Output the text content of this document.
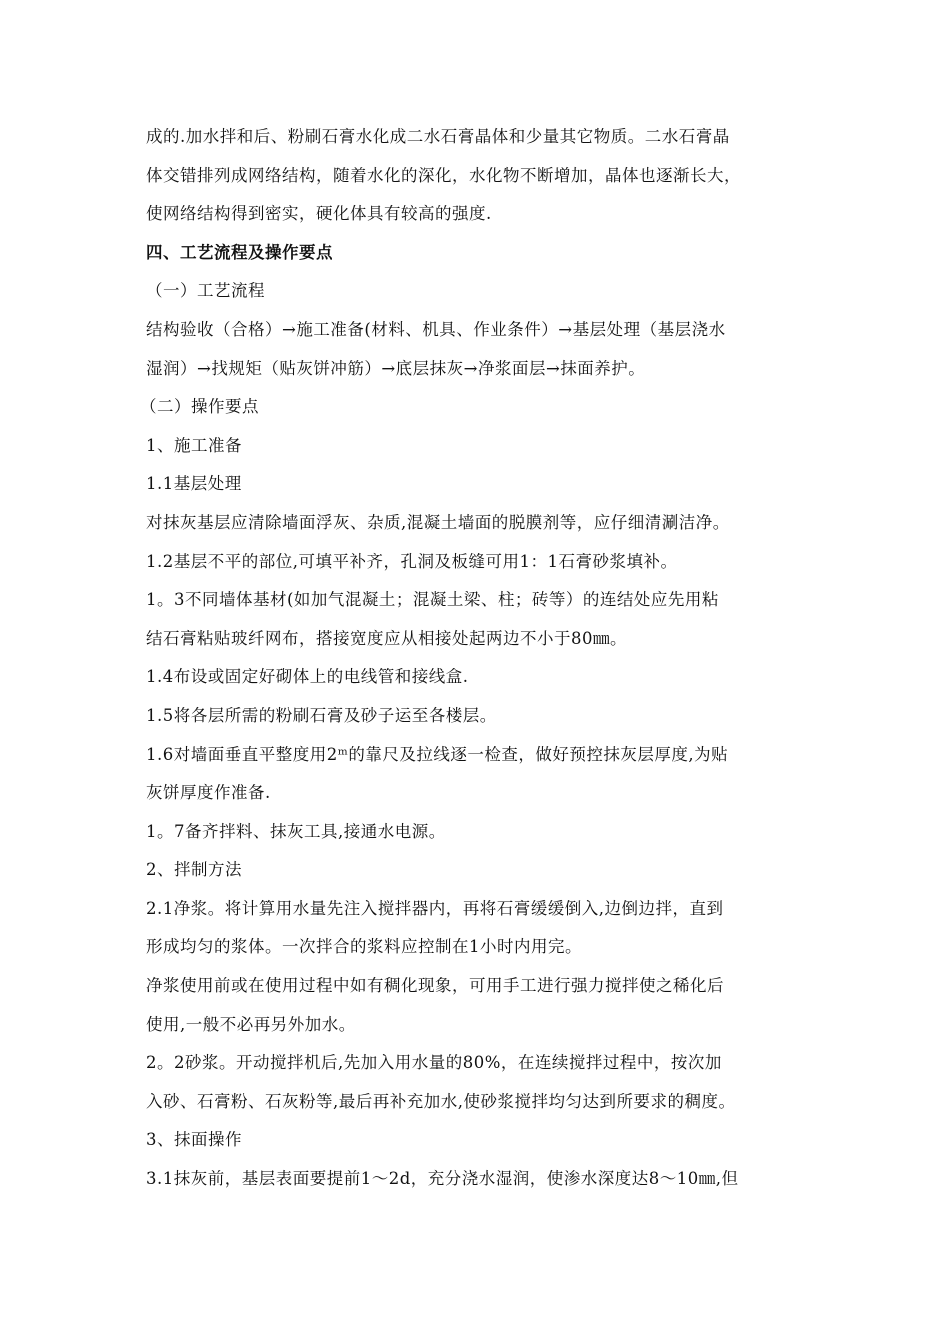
成的.加水拌和后、粉刷石膏水化成二水石膏晶体和少量其它物质。二水石膏晶
体交错排列成网络结构，随着水化的深化，水化物不断增加，晶体也逐渐长大，
使网络结构得到密实，硬化体具有较高的强度.
四、工艺流程及操作要点
（一）工艺流程
结构验收（合格）→施工准备(材料、机具、作业条件）→基层处理（基层浇水
湿润）→找规矩（贴灰饼冲筋）→底层抹灰→净浆面层→抹面养护。
（二）操作要点
1、施工准备
1.1基层处理
对抹灰基层应清除墙面浮灰、杂质,混凝土墙面的脱膜剂等，应仔细清涮洁净。
1.2基层不平的部位,可填平补齐，孔洞及板缝可用1：1石膏砂浆填补。
1。3不同墙体基材(如加气混凝土；混凝土梁、柱；砖等）的连结处应先用粘
结石膏粘贴玻纤网布，搭接宽度应从相接处起两边不小于80㎜。
1.4布设或固定好砌体上的电线管和接线盒.
1.5将各层所需的粉刷石膏及砂子运至各楼层。
1.6对墙面垂直平整度用2ᵐ的靠尺及拉线逐一检查，做好预控抹灰层厚度,为贴
灰饼厚度作准备.
1。7备齐拌料、抹灰工具,接通水电源。
2、拌制方法
2.1净浆。将计算用水量先注入搅拌器内，再将石膏缓缓倒入,边倒边拌，直到
形成均匀的浆体。一次拌合的浆料应控制在1小时内用完。
净浆使用前或在使用过程中如有稠化现象，可用手工进行强力搅拌使之稀化后
使用,一般不必再另外加水。
2。2砂浆。开动搅拌机后,先加入用水量的80%，在连续搅拌过程中，按次加
入砂、石膏粉、石灰粉等,最后再补充加水,使砂浆搅拌均匀达到所要求的稠度。
3、抹面操作
3.1抹灰前，基层表面要提前1～2d，充分浇水湿润，使渗水深度达8～10㎜,但
